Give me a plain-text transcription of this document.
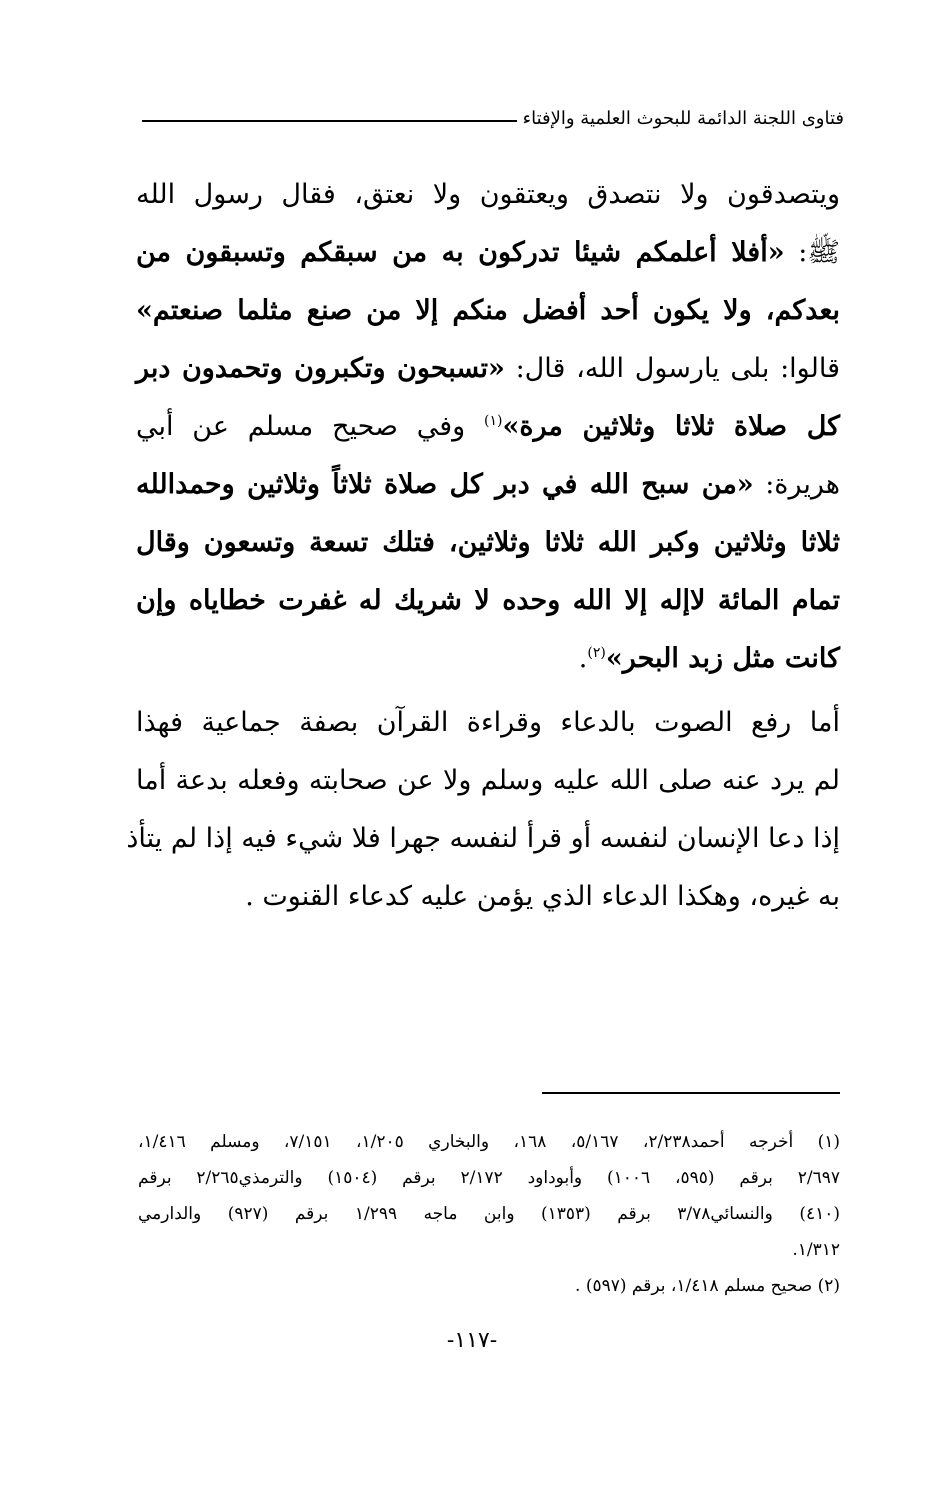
فتاوى اللجنة الدائمة للبحوث العلمية والإفتاء
ويتصدقون ولا نتصدق ويعتقون ولا نعتق، فقال رسول الله
ﷺ: «أفلا أعلمكم شيئا تدركون به من سبقكم وتسبقون من
بعدكم، ولا يكون أحد أفضل منكم إلا من صنع مثلما صنعتم»
قالوا: بلى يارسول الله، قال: «تسبحون وتكبرون وتحمدون دبر
كل صلاة ثلاثا وثلاثين مرة»$^{(١)}$ وفي صحيح مسلم عن أبي
هريرة: «من سبح الله في دبر كل صلاة ثلاثاً وثلاثين وحمدالله
ثلاثا وثلاثين وكبر الله ثلاثا وثلاثين، فتلك تسعة وتسعون وقال
تمام المائة لاإله إلا الله وحده لا شريك له غفرت خطاياه وإن
كانت مثل زبد البحر»$^{(٢)}$.
أما رفع الصوت بالدعاء وقراءة القرآن بصفة جماعية فهذا
لم يرد عنه صلى الله عليه وسلم ولا عن صحابته وفعله بدعة أما
إذا دعا الإنسان لنفسه أو قرأ لنفسه جهرا فلا شيء فيه إذا لم يتأذ
به غيره، وهكذا الدعاء الذي يؤمن عليه كدعاء القنوت .
(١) أخرجه أحمد٢/٢٣٨، ٥/١٦٧، ١٦٨، والبخاري ١/٢٠٥، ٧/١٥١، ومسلم ١/٤١٦،
٢/٦٩٧ برقم (٥٩٥، ١٠٠٦) وأبوداود ٢/١٧٢ برقم (١٥٠٤) والترمذي٢/٢٦٥ برقم
(٤١٠) والنسائي٣/٧٨ برقم (١٣٥٣) وابن ماجه ١/٢٩٩ برقم (٩٢٧) والدارمي
١/٣١٢.
(٢) صحيح مسلم ١/٤١٨، برقم (٥٩٧) .
-١١٧-
